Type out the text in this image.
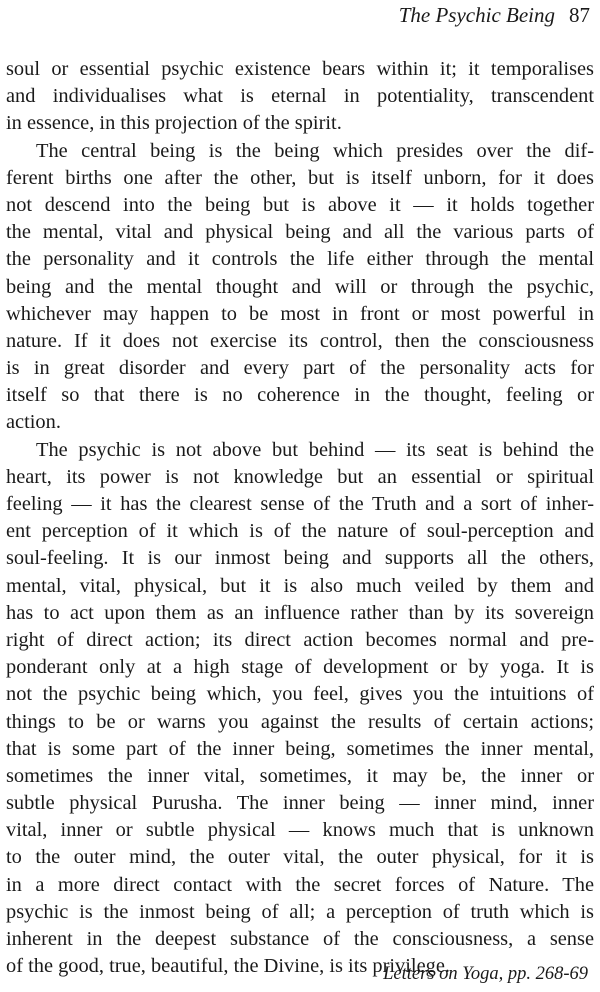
The Psychic Being 87
soul or essential psychic existence bears within it; it temporalises
and individualises what is eternal in potentiality, transcendent
in essence, in this projection of the spirit.
The central being is the being which presides over the dif-
ferent births one after the other, but is itself unborn, for it does
not descend into the being but is above it — it holds together
the mental, vital and physical being and all the various parts of
the personality and it controls the life either through the mental
being and the mental thought and will or through the psychic,
whichever may happen to be most in front or most powerful in
nature. If it does not exercise its control, then the consciousness
is in great disorder and every part of the personality acts for
itself so that there is no coherence in the thought, feeling or
action.
The psychic is not above but behind — its seat is behind the
heart, its power is not knowledge but an essential or spiritual
feeling — it has the clearest sense of the Truth and a sort of inher-
ent perception of it which is of the nature of soul-perception and
soul-feeling. It is our inmost being and supports all the others,
mental, vital, physical, but it is also much veiled by them and
has to act upon them as an influence rather than by its sovereign
right of direct action; its direct action becomes normal and pre-
ponderant only at a high stage of development or by yoga. It is
not the psychic being which, you feel, gives you the intuitions of
things to be or warns you against the results of certain actions;
that is some part of the inner being, sometimes the inner mental,
sometimes the inner vital, sometimes, it may be, the inner or
subtle physical Purusha. The inner being — inner mind, inner
vital, inner or subtle physical — knows much that is unknown
to the outer mind, the outer vital, the outer physical, for it is
in a more direct contact with the secret forces of Nature. The
psychic is the inmost being of all; a perception of truth which is
inherent in the deepest substance of the consciousness, a sense
of the good, true, beautiful, the Divine, is its privilege.
Letters on Yoga, pp. 268-69
